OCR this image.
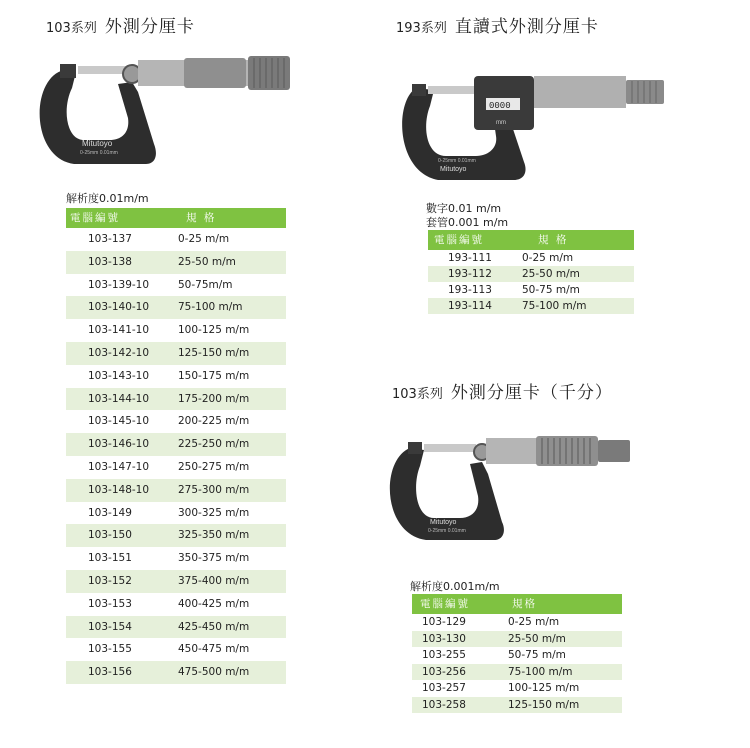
103系列 外測分厘卡
Mitutoyo
0-25mm 0.01mm
解析度0.01m/m
電腦編號	規 格
103-137	0-25 m/m
103-138	25-50 m/m
103-139-10	50-75m/m
103-140-10	75-100 m/m
103-141-10	100-125 m/m
103-142-10	125-150 m/m
103-143-10	150-175 m/m
103-144-10	175-200 m/m
103-145-10	200-225 m/m
103-146-10	225-250 m/m
103-147-10	250-275 m/m
103-148-10	275-300 m/m
103-149	300-325 m/m
103-150	325-350 m/m
103-151	350-375 m/m
103-152	375-400 m/m
103-153	400-425 m/m
103-154	425-450 m/m
103-155	450-475 m/m
103-156	475-500 m/m
193系列 直讀式外測分厘卡
0000
mm
0-25mm 0.01mm
Mitutoyo
數字0.01 m/m
套管0.001 m/m
電腦編號	規 格
193-111	0-25 m/m
193-112	25-50 m/m
193-113	50-75 m/m
193-114	75-100 m/m
103系列 外測分厘卡（千分）
Mitutoyo
0-25mm 0.01mm
解析度0.001m/m
電腦編號	規格
103-129	0-25 m/m
103-130	25-50 m/m
103-255	50-75 m/m
103-256	75-100 m/m
103-257	100-125 m/m
103-258	125-150 m/m
